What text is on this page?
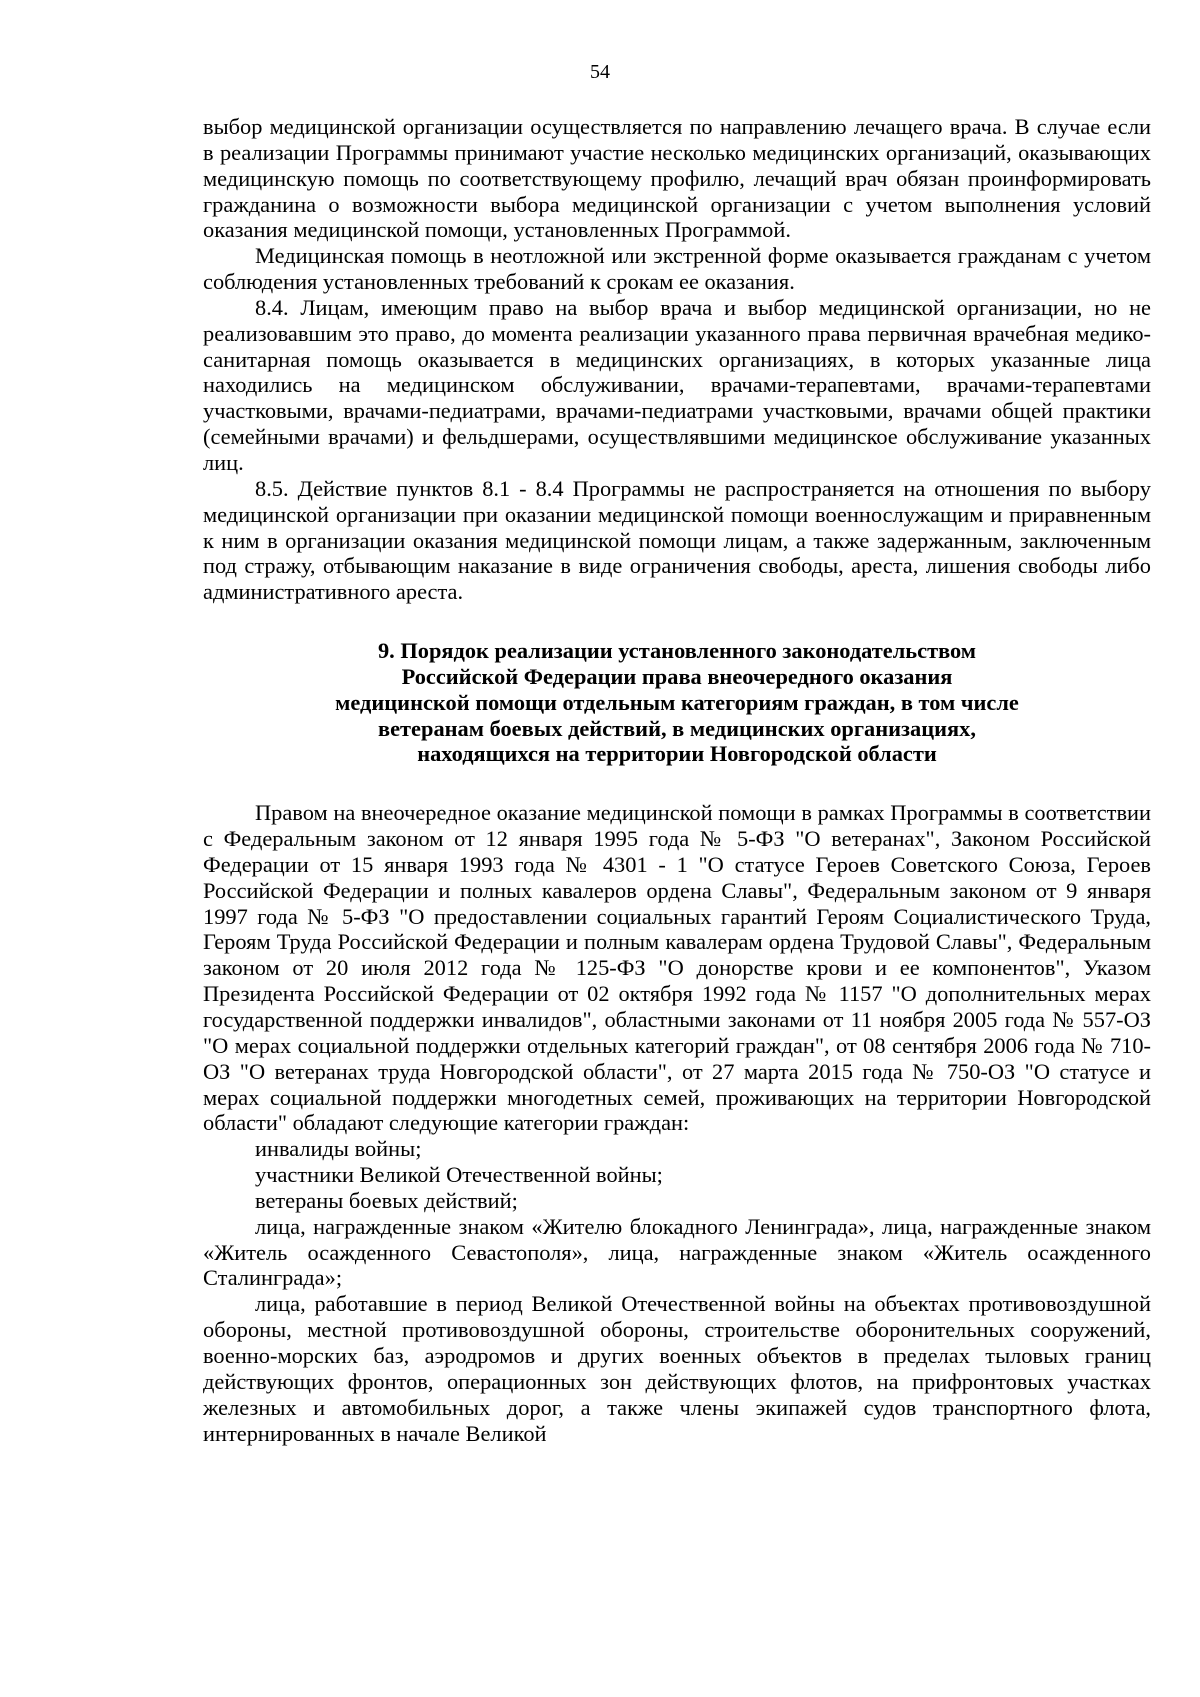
54

выбор медицинской организации осуществляется по направлению лечащего врача. В случае если в реализации Программы принимают участие несколько медицинских организаций, оказывающих медицинскую помощь по соответствующему профилю, лечащий врач обязан проинформировать гражданина о возможности выбора медицинской организации с учетом выполнения условий оказания медицинской помощи, установленных Программой.

Медицинская помощь в неотложной или экстренной форме оказывается гражданам с учетом соблюдения установленных требований к срокам ее оказания.

8.4. Лицам, имеющим право на выбор врача и выбор медицинской организации, но не реализовавшим это право, до момента реализации указанного права первичная врачебная медико-санитарная помощь оказывается в медицинских организациях, в которых указанные лица находились на медицинском обслуживании, врачами-терапевтами, врачами-терапевтами участковыми, врачами-педиатрами, врачами-педиатрами участковыми, врачами общей практики (семейными врачами) и фельдшерами, осуществлявшими медицинское обслуживание указанных лиц.

8.5. Действие пунктов 8.1 - 8.4 Программы не распространяется на отношения по выбору медицинской организации при оказании медицинской помощи военнослужащим и приравненным к ним в организации оказания медицинской помощи лицам, а также задержанным, заключенным под стражу, отбывающим наказание в виде ограничения свободы, ареста, лишения свободы либо административного ареста.

9. Порядок реализации установленного законодательством
Российской Федерации права внеочередного оказания
медицинской помощи отдельным категориям граждан, в том числе
ветеранам боевых действий, в медицинских организациях,
находящихся на территории Новгородской области

Правом на внеочередное оказание медицинской помощи в рамках Программы в соответствии с Федеральным законом от 12 января 1995 года № 5-ФЗ "О ветеранах", Законом Российской Федерации от 15 января 1993 года № 4301 - 1 "О статусе Героев Советского Союза, Героев Российской Федерации и полных кавалеров ордена Славы", Федеральным законом от 9 января 1997 года № 5-ФЗ "О предоставлении социальных гарантий Героям Социалистического Труда, Героям Труда Российской Федерации и полным кавалерам ордена Трудовой Славы", Федеральным законом от 20 июля 2012 года № 125-ФЗ "О донорстве крови и ее компонентов", Указом Президента Российской Федерации от 02 октября 1992 года № 1157 "О дополнительных мерах государственной поддержки инвалидов", областными законами от 11 ноября 2005 года № 557-ОЗ "О мерах социальной поддержки отдельных категорий граждан", от 08 сентября 2006 года № 710-ОЗ "О ветеранах труда Новгородской области", от 27 марта 2015 года № 750-ОЗ "О статусе и мерах социальной поддержки многодетных семей, проживающих на территории Новгородской области" обладают следующие категории граждан:

инвалиды войны;

участники Великой Отечественной войны;

ветераны боевых действий;

лица, награжденные знаком «Жителю блокадного Ленинграда», лица, награжденные знаком «Житель осажденного Севастополя», лица, награжденные знаком «Житель осажденного Сталинграда»;

лица, работавшие в период Великой Отечественной войны на объектах противовоздушной обороны, местной противовоздушной обороны, строительстве оборонительных сооружений, военно-морских баз, аэродромов и других военных объектов в пределах тыловых границ действующих фронтов, операционных зон действующих флотов, на прифронтовых участках железных и автомобильных дорог, а также члены экипажей судов транспортного флота, интернированных в начале Великой
